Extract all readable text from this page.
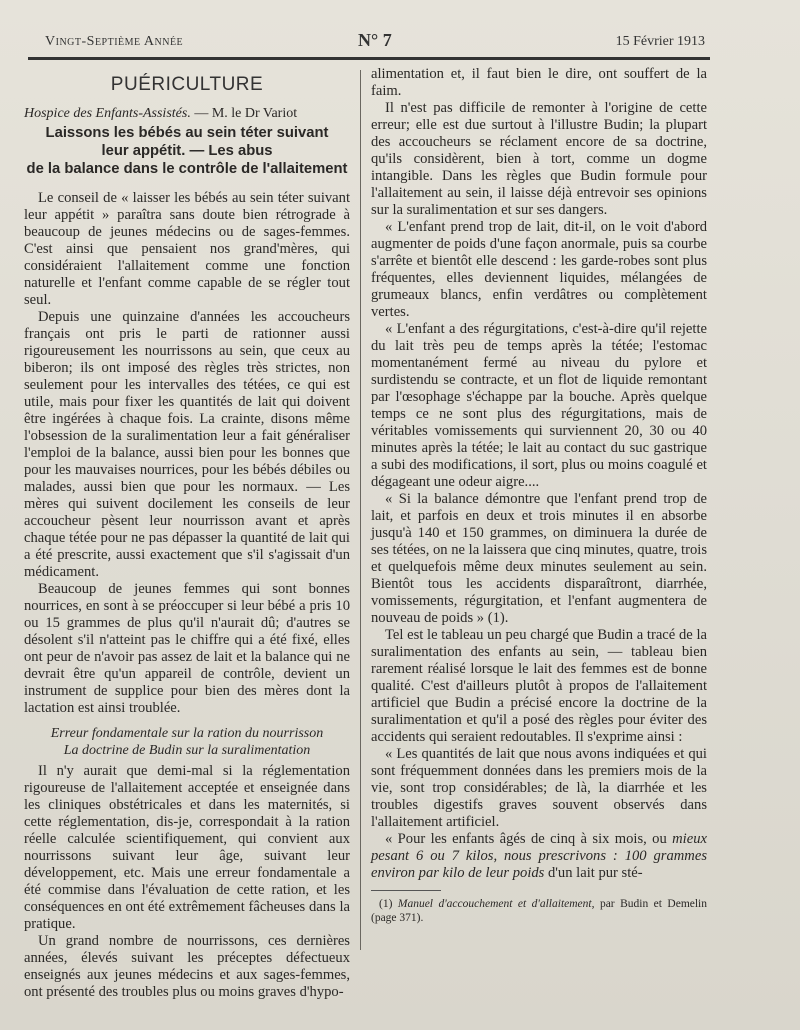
Vingt-Septième Année	N° 7	15 Février 1913
PUÉRICULTURE
Hospice des Enfants-Assistés. — M. le Dr Variot
Laissons les bébés au sein téter suivant
leur appétit. — Les abus
de la balance dans le contrôle de l'allaitement

Le conseil de « laisser les bébés au sein téter suivant leur appétit » paraîtra sans doute bien rétrograde à beaucoup de jeunes médecins ou de sages-femmes. C'est ainsi que pensaient nos grand'mères, qui considéraient l'allaitement comme une fonction naturelle et l'enfant comme capable de se régler tout seul.

Depuis une quinzaine d'années les accoucheurs français ont pris le parti de rationner aussi rigoureusement les nourrissons au sein, que ceux au biberon; ils ont imposé des règles très strictes, non seulement pour les intervalles des tétées, ce qui est utile, mais pour fixer les quantités de lait qui doivent être ingérées à chaque fois. La crainte, disons même l'obsession de la suralimentation leur a fait généraliser l'emploi de la balance, aussi bien pour les bonnes que pour les mauvaises nourrices, pour les bébés débiles ou malades, aussi bien que pour les normaux. — Les mères qui suivent docilement les conseils de leur accoucheur pèsent leur nourrisson avant et après chaque tétée pour ne pas dépasser la quantité de lait qui a été prescrite, aussi exactement que s'il s'agissait d'un médicament.

Beaucoup de jeunes femmes qui sont bonnes nourrices, en sont à se préoccuper si leur bébé a pris 10 ou 15 grammes de plus qu'il n'aurait dû; d'autres se désolent s'il n'atteint pas le chiffre qui a été fixé, elles ont peur de n'avoir pas assez de lait et la balance qui ne devrait être qu'un appareil de contrôle, devient un instrument de supplice pour bien des mères dont la lactation est ainsi troublée.

Erreur fondamentale sur la ration du nourrisson
La doctrine de Budin sur la suralimentation

Il n'y aurait que demi-mal si la réglementation rigoureuse de l'allaitement acceptée et enseignée dans les cliniques obstétricales et dans les maternités, si cette réglementation, dis-je, correspondait à la ration réelle calculée scientifiquement, qui convient aux nourrissons suivant leur âge, suivant leur développement, etc. Mais une erreur fondamentale a été commise dans l'évaluation de cette ration, et les conséquences en ont été extrêmement fâcheuses dans la pratique.

Un grand nombre de nourrissons, ces dernières années, élevés suivant les préceptes défectueux enseignés aux jeunes médecins et aux sages-femmes, ont présenté des troubles plus ou moins graves d'hypo-

alimentation et, il faut bien le dire, ont souffert de la faim.

Il n'est pas difficile de remonter à l'origine de cette erreur; elle est due surtout à l'illustre Budin; la plupart des accoucheurs se réclament encore de sa doctrine, qu'ils considèrent, bien à tort, comme un dogme intangible. Dans les règles que Budin formule pour l'allaitement au sein, il laisse déjà entrevoir ses opinions sur la suralimentation et sur ses dangers.

« L'enfant prend trop de lait, dit-il, on le voit d'abord augmenter de poids d'une façon anormale, puis sa courbe s'arrête et bientôt elle descend : les garde-robes sont plus fréquentes, elles deviennent liquides, mélangées de grumeaux blancs, enfin verdâtres ou complètement vertes.

« L'enfant a des régurgitations, c'est-à-dire qu'il rejette du lait très peu de temps après la tétée; l'estomac momentanément fermé au niveau du pylore et surdistendu se contracte, et un flot de liquide remontant par l'œsophage s'échappe par la bouche. Après quelque temps ce ne sont plus des régurgitations, mais de véritables vomissements qui surviennent 20, 30 ou 40 minutes après la tétée; le lait au contact du suc gastrique a subi des modifications, il sort, plus ou moins coagulé et dégageant une odeur aigre....

« Si la balance démontre que l'enfant prend trop de lait, et parfois en deux et trois minutes il en absorbe jusqu'à 140 et 150 grammes, on diminuera la durée de ses tétées, on ne la laissera que cinq minutes, quatre, trois et quelquefois même deux minutes seulement au sein. Bientôt tous les accidents disparaîtront, diarrhée, vomissements, régurgitation, et l'enfant augmentera de nouveau de poids » (1).

Tel est le tableau un peu chargé que Budin a tracé de la suralimentation des enfants au sein, — tableau bien rarement réalisé lorsque le lait des femmes est de bonne qualité. C'est d'ailleurs plutôt à propos de l'allaitement artificiel que Budin a précisé encore la doctrine de la suralimentation et qu'il a posé des règles pour éviter des accidents qui seraient redoutables. Il s'exprime ainsi :

« Les quantités de lait que nous avons indiquées et qui sont fréquemment données dans les premiers mois de la vie, sont trop considérables; de là, la diarrhée et les troubles digestifs graves souvent observés dans l'allaitement artificiel.

« Pour les enfants âgés de cinq à six mois, ou mieux pesant 6 ou 7 kilos, nous prescrivons : 100 grammes environ par kilo de leur poids d'un lait pur sté-

(1) Manuel d'accouchement et d'allaitement, par Budin et Demelin (page 371).
